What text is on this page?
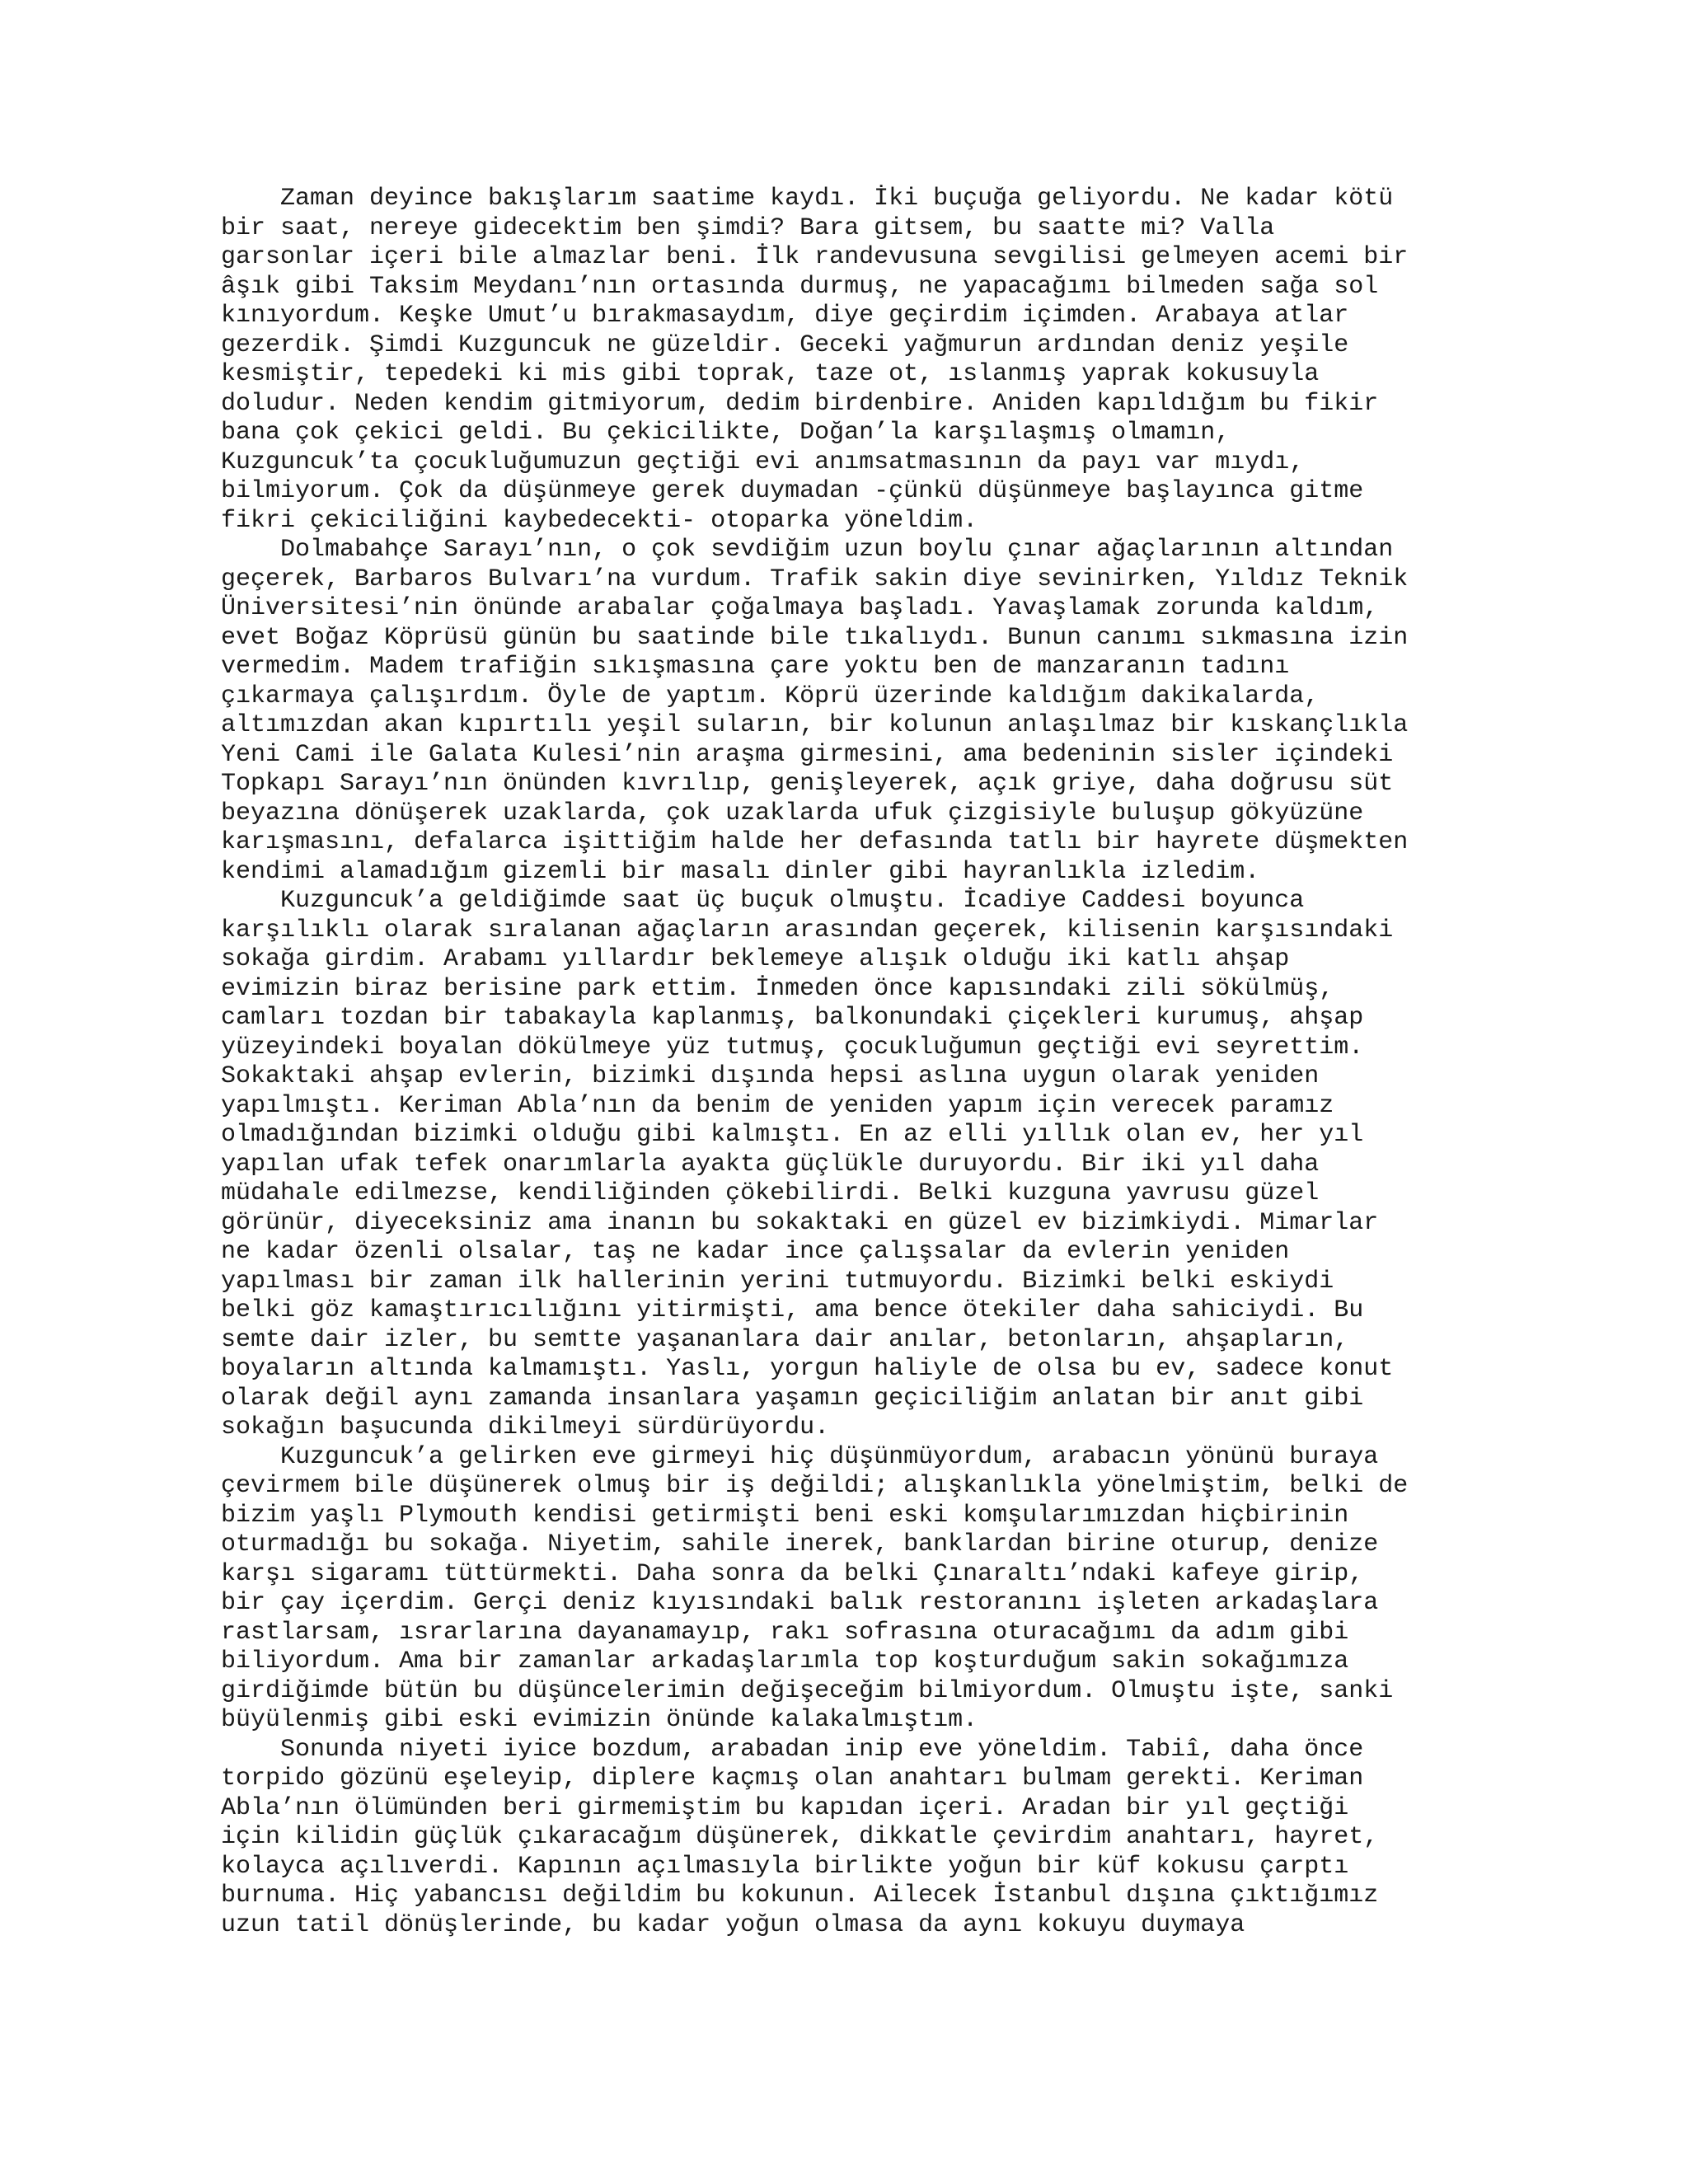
Zaman deyince bakışlarım saatime kaydı. İki buçuğa geliyordu. Ne kadar kötü
bir saat, nereye gidecektim ben şimdi? Bara gitsem, bu saatte mi? Valla
garsonlar içeri bile almazlar beni. İlk randevusuna sevgilisi gelmeyen acemi bir
âşık gibi Taksim Meydanı’nın ortasında durmuş, ne yapacağımı bilmeden sağa sol
kınıyordum. Keşke Umut’u bırakmasaydım, diye geçirdim içimden. Arabaya atlar
gezerdik. Şimdi Kuzguncuk ne güzeldir. Geceki yağmurun ardından deniz yeşile
kesmiştir, tepedeki ki mis gibi toprak, taze ot, ıslanmış yaprak kokusuyla
doludur. Neden kendim gitmiyorum, dedim birdenbire. Aniden kapıldığım bu fikir
bana çok çekici geldi. Bu çekicilikte, Doğan’la karşılaşmış olmamın,
Kuzguncuk’ta çocukluğumuzun geçtiği evi anımsatmasının da payı var mıydı,
bilmiyorum. Çok da düşünmeye gerek duymadan -çünkü düşünmeye başlayınca gitme
fikri çekiciliğini kaybedecekti- otoparka yöneldim.
Dolmabahçe Sarayı’nın, o çok sevdiğim uzun boylu çınar ağaçlarının altından
geçerek, Barbaros Bulvarı’na vurdum. Trafik sakin diye sevinirken, Yıldız Teknik
Üniversitesi’nin önünde arabalar çoğalmaya başladı. Yavaşlamak zorunda kaldım,
evet Boğaz Köprüsü günün bu saatinde bile tıkalıydı. Bunun canımı sıkmasına izin
vermedim. Madem trafiğin sıkışmasına çare yoktu ben de manzaranın tadını
çıkarmaya çalışırdım. Öyle de yaptım. Köprü üzerinde kaldığım dakikalarda,
altımızdan akan kıpırtılı yeşil suların, bir kolunun anlaşılmaz bir kıskançlıkla
Yeni Cami ile Galata Kulesi’nin araşma girmesini, ama bedeninin sisler içindeki
Topkapı Sarayı’nın önünden kıvrılıp, genişleyerek, açık griye, daha doğrusu süt
beyazına dönüşerek uzaklarda, çok uzaklarda ufuk çizgisiyle buluşup gökyüzüne
karışmasını, defalarca işittiğim halde her defasında tatlı bir hayrete düşmekten
kendimi alamadığım gizemli bir masalı dinler gibi hayranlıkla izledim.
Kuzguncuk’a geldiğimde saat üç buçuk olmuştu. İcadiye Caddesi boyunca
karşılıklı olarak sıralanan ağaçların arasından geçerek, kilisenin karşısındaki
sokağa girdim. Arabamı yıllardır beklemeye alışık olduğu iki katlı ahşap
evimizin biraz berisine park ettim. İnmeden önce kapısındaki zili sökülmüş,
camları tozdan bir tabakayla kaplanmış, balkonundaki çiçekleri kurumuş, ahşap
yüzeyindeki boyalan dökülmeye yüz tutmuş, çocukluğumun geçtiği evi seyrettim.
Sokaktaki ahşap evlerin, bizimki dışında hepsi aslına uygun olarak yeniden
yapılmıştı. Keriman Abla’nın da benim de yeniden yapım için verecek paramız
olmadığından bizimki olduğu gibi kalmıştı. En az elli yıllık olan ev, her yıl
yapılan ufak tefek onarımlarla ayakta güçlükle duruyordu. Bir iki yıl daha
müdahale edilmezse, kendiliğinden çökebilirdi. Belki kuzguna yavrusu güzel
görünür, diyeceksiniz ama inanın bu sokaktaki en güzel ev bizimkiydi. Mimarlar
ne kadar özenli olsalar, taş ne kadar ince çalışsalar da evlerin yeniden
yapılması bir zaman ilk hallerinin yerini tutmuyordu. Bizimki belki eskiydi
belki göz kamaştırıcılığını yitirmişti, ama bence ötekiler daha sahiciydi. Bu
semte dair izler, bu semtte yaşananlara dair anılar, betonların, ahşapların,
boyaların altında kalmamıştı. Yaslı, yorgun haliyle de olsa bu ev, sadece konut
olarak değil aynı zamanda insanlara yaşamın geçiciliğim anlatan bir anıt gibi
sokağın başucunda dikilmeyi sürdürüyordu.
Kuzguncuk’a gelirken eve girmeyi hiç düşünmüyordum, arabacın yönünü buraya
çevirmem bile düşünerek olmuş bir iş değildi; alışkanlıkla yönelmiştim, belki de
bizim yaşlı Plymouth kendisi getirmişti beni eski komşularımızdan hiçbirinin
oturmadığı bu sokağa. Niyetim, sahile inerek, banklardan birine oturup, denize
karşı sigaramı tüttürmekti. Daha sonra da belki Çınaraltı’ndaki kafeye girip,
bir çay içerdim. Gerçi deniz kıyısındaki balık restoranını işleten arkadaşlara
rastlarsam, ısrarlarına dayanamayıp, rakı sofrasına oturacağımı da adım gibi
biliyordum. Ama bir zamanlar arkadaşlarımla top koşturduğum sakin sokağımıza
girdiğimde bütün bu düşüncelerimin değişeceğim bilmiyordum. Olmuştu işte, sanki
büyülenmiş gibi eski evimizin önünde kalakalmıştım.
Sonunda niyeti iyice bozdum, arabadan inip eve yöneldim. Tabiî, daha önce
torpido gözünü eşeleyip, diplere kaçmış olan anahtarı bulmam gerekti. Keriman
Abla’nın ölümünden beri girmemiştim bu kapıdan içeri. Aradan bir yıl geçtiği
için kilidin güçlük çıkaracağım düşünerek, dikkatle çevirdim anahtarı, hayret,
kolayca açılıverdi. Kapının açılmasıyla birlikte yoğun bir küf kokusu çarptı
burnuma. Hiç yabancısı değildim bu kokunun. Ailecek İstanbul dışına çıktığımız
uzun tatil dönüşlerinde, bu kadar yoğun olmasa da aynı kokuyu duymaya
